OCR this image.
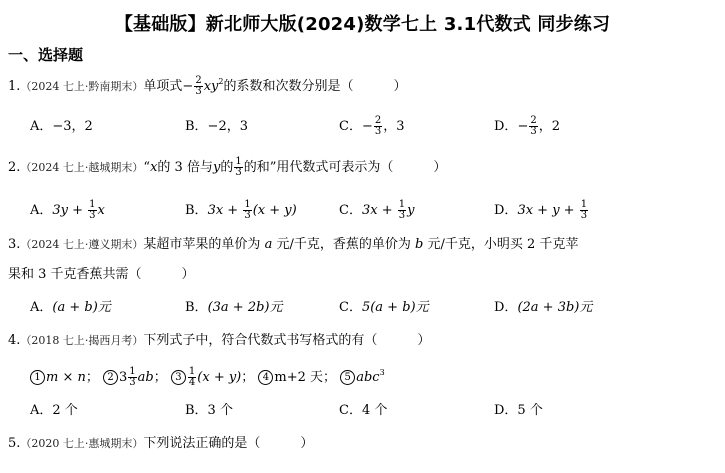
【基础版】新北师大版(2024)数学七上 3.1代数式 同步练习
一、选择题
1.（2024 七上·黔南期末）单项式− $\frac{2}{3} xy^2$的系数和次数分别是（	）
A．−3，2	B．−2，3	C．− $\frac{2}{3}$ ，3	D．− $\frac{2}{3}$ ，2
2.（2024 七上·越城期末）“x的 3 倍与y的 $\frac{1}{3}$ 的和”用代数式可表示为（	）
A．$3y + \frac{1}{3}$ x	B．$3x + \frac{1}{3} (x + y)$	C．$3x + \frac{1}{3}$ y	D．$3x + y + \frac{1}{3}$
3.（2024 七上·遵义期末）某超市苹果的单价为 a 元/千克，香蕉的单价为 b 元/千克，小明买 2 千克苹
果和 3 千克香蕉共需（	）
A．(a + b)元	B．(3a + 2b)元	C．5(a + b)元	D．(2a + 3b)元
4.（2018 七上·揭西月考）下列式子中，符合代数式书写格式的有（	）
1 m × n； 2 $3 \frac{1}{3}$ ab； $3 \frac{1}{4} (x + y)$； 4 m+2 天； 5 abc$^3$
A．2 个	B．3 个	C．4 个	D．5 个
5.（2020 七上·惠城期末）下列说法正确的是（	）
